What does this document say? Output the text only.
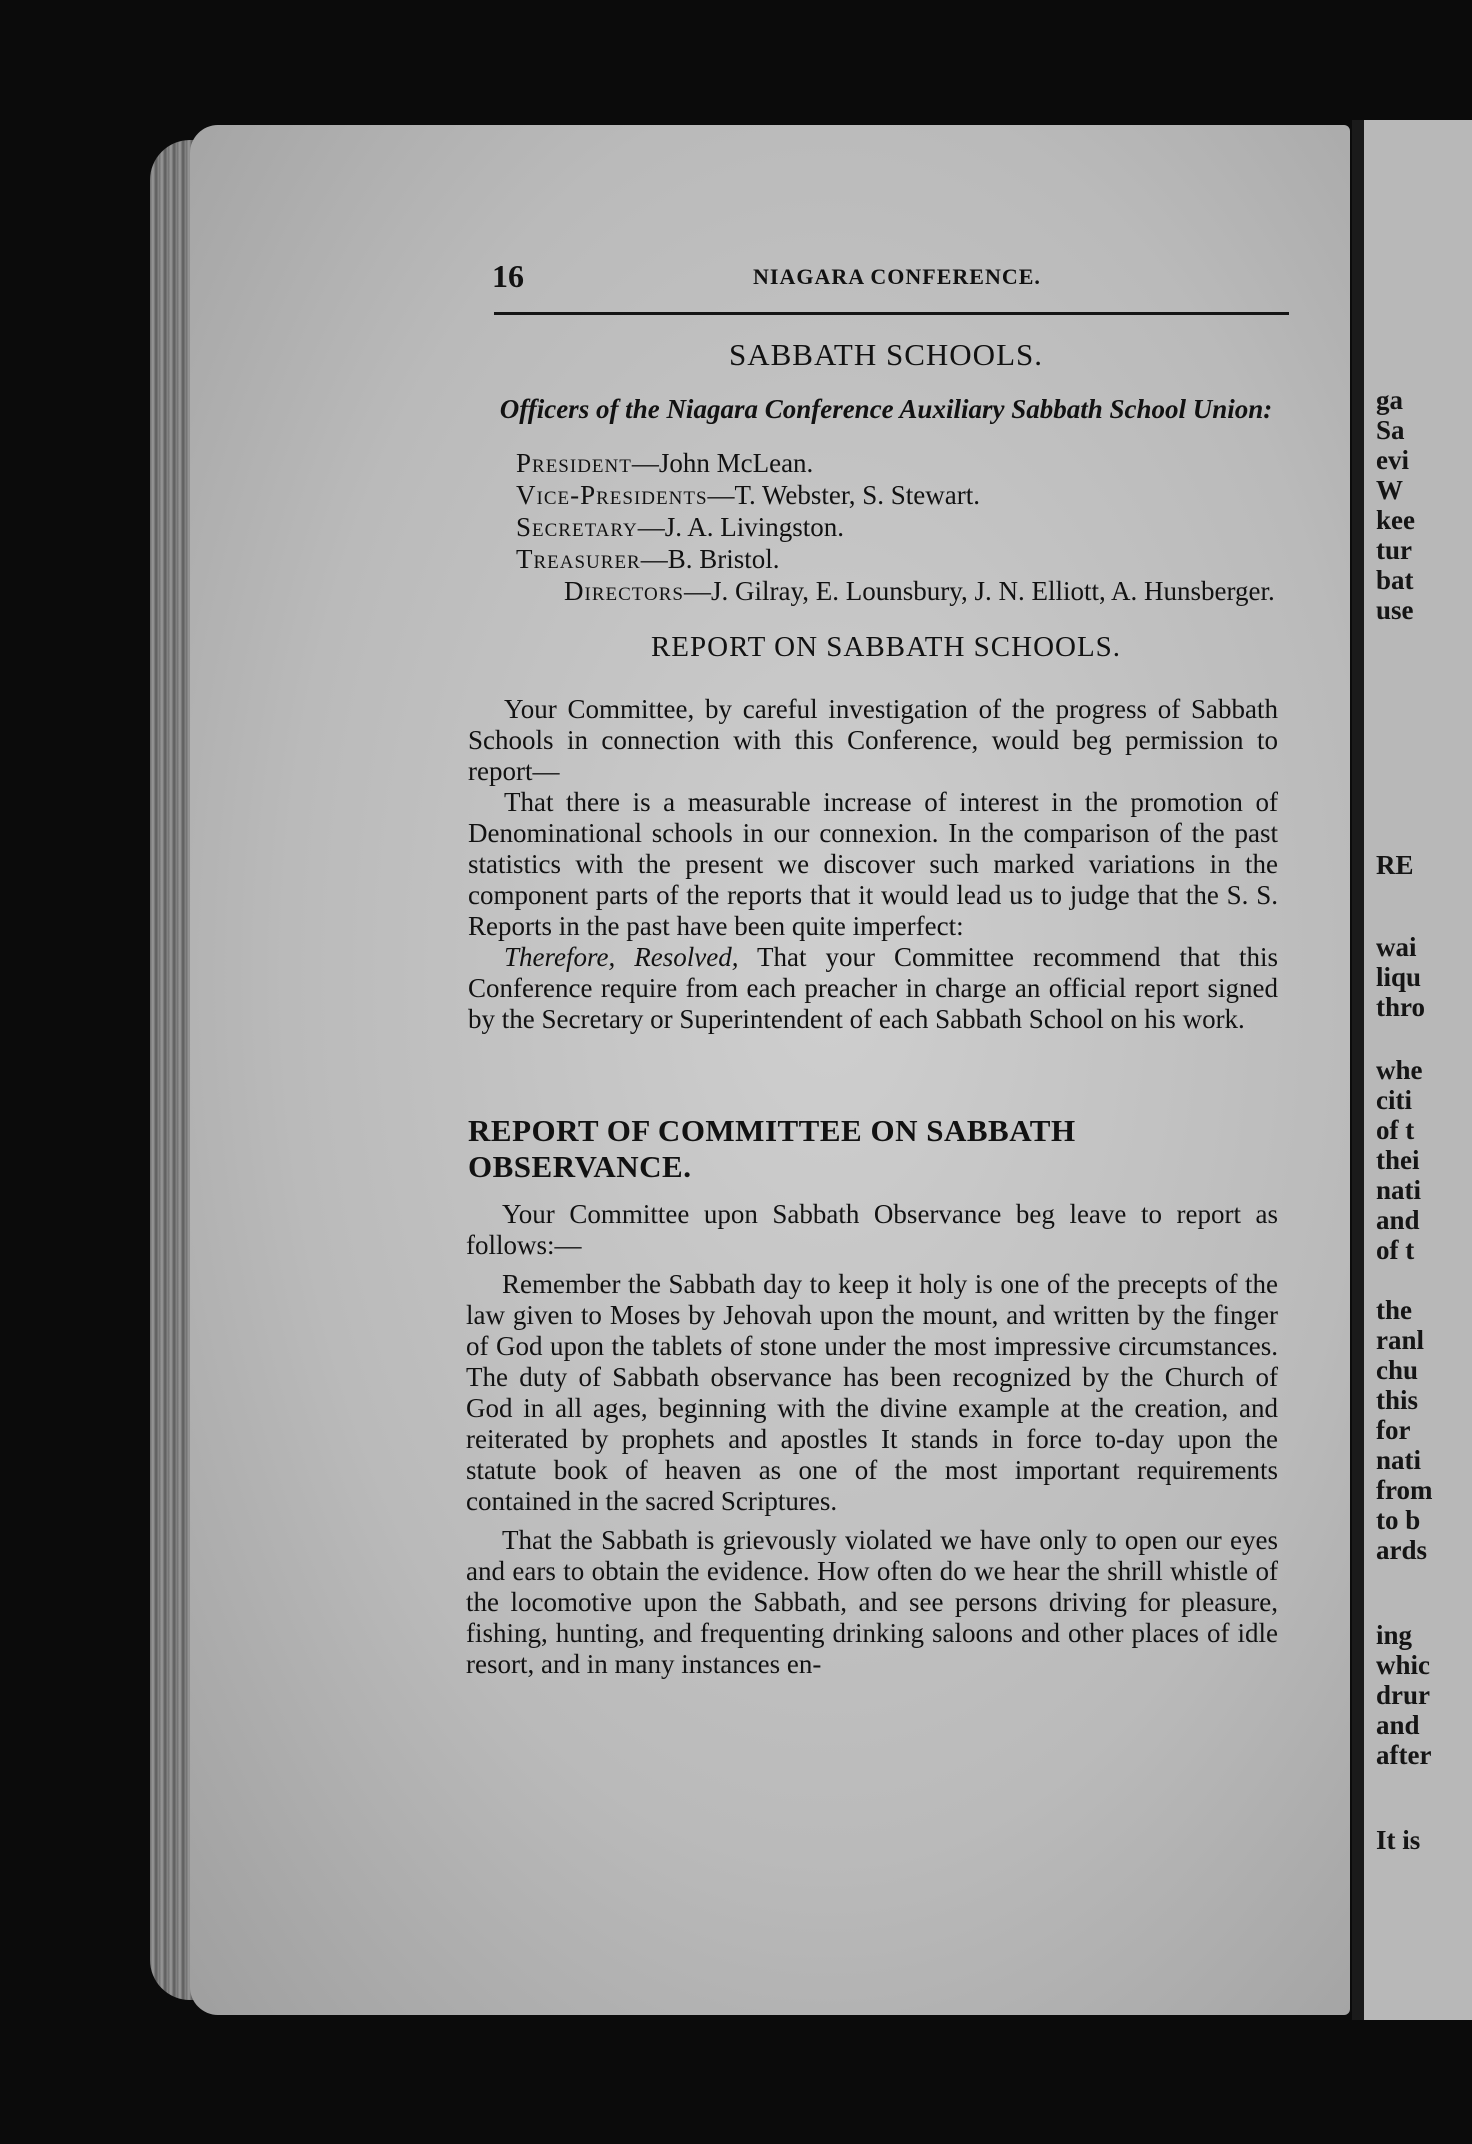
ga
Sa
evi
W
kee
tur
bat
use
RE
wai
liqu
thro
whe
citi
of t
thei
nati
and
of t
the
ranl
chu
this
for
nati
from
to b
ards
ing
whic
drur
and
after
It is
16	NIAGARA CONFERENCE.
SABBATH SCHOOLS.
Officers of the Niagara Conference Auxiliary Sabbath School Union:
President—John McLean.
Vice-Presidents—T. Webster, S. Stewart.
Secretary—J. A. Livingston.
Treasurer—B. Bristol.
Directors—J. Gilray, E. Lounsbury, J. N. Elliott, A. Hunsberger.
REPORT ON SABBATH SCHOOLS.

Your Committee, by careful investigation of the progress of Sabbath Schools in connection with this Conference, would beg permission to report—

That there is a measurable increase of interest in the promotion of Denominational schools in our connexion. In the comparison of the past statistics with the present we discover such marked variations in the component parts of the reports that it would lead us to judge that the S. S. Reports in the past have been quite imperfect:

Therefore, Resolved, That your Committee recommend that this Conference require from each preacher in charge an official report signed by the Secretary or Superintendent of each Sabbath School on his work.

REPORT OF COMMITTEE ON SABBATH OBSERVANCE.

Your Committee upon Sabbath Observance beg leave to report as follows:—

Remember the Sabbath day to keep it holy is one of the precepts of the law given to Moses by Jehovah upon the mount, and written by the finger of God upon the tablets of stone under the most impressive circumstances. The duty of Sabbath observance has been recognized by the Church of God in all ages, beginning with the divine example at the creation, and reiterated by prophets and apostles It stands in force to-day upon the statute book of heaven as one of the most important requirements contained in the sacred Scriptures.

That the Sabbath is grievously violated we have only to open our eyes and ears to obtain the evidence. How often do we hear the shrill whistle of the locomotive upon the Sabbath, and see persons driving for pleasure, fishing, hunting, and frequenting drinking saloons and other places of idle resort, and in many instances en-
